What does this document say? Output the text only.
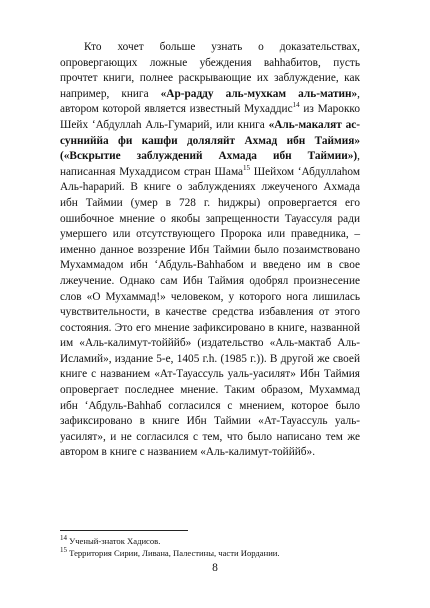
Кто хочет больше узнать о доказательствах, опровергающих ложные убеждения ваhhабитов, пусть прочтет книги, полнее раскрывающие их заблуждение, как например, книга «Ар-радду аль-мухкам аль-матин», автором которой является известный Мухаддис$^{14}$ из Марокко Шейх ‘Абдуллаh Аль-Гумарий, или книга «Аль-макалят ас-сунниййа фи кашфи доляляйт Ахмад ибн Таймия» («Вскрытие заблуждений Ахмада ибн Таймии»), написанная Мухаддисом стран Шама$^{15}$ Шейхом ‘Абдуллаhом Аль-hарарий. В книге о заблуждениях лжеученого Ахмада ибн Таймии (умер в 728 г. hиджры) опровергается его ошибочное мнение о якобы запрещенности Тауассуля ради умершего или отсутствующего Пророка или праведника, – именно данное воззрение Ибн Таймии было позаимствовано Мухаммадом ибн ‘Абдуль-Ваhhабом и введено им в свое лжеучение. Однако сам Ибн Таймия одобрял произнесение слов «О Мухаммад!» человеком, у которого нога лишилась чувствительности, в качестве средства избавления от этого состояния. Это его мнение зафиксировано в книге, названной им «Аль-калимут-тойййб» (издательство «Аль-мактаб Аль-Исламий», издание 5-е, 1405 г.h. (1985 г.)). В другой же своей книге с названием «Ат-Тауассуль уаль-уасилят» Ибн Таймия опровергает последнее мнение. Таким образом, Мухаммад ибн ‘Абдуль-Ваhhаб согласился с мнением, которое было зафиксировано в книге Ибн Таймии «Ат-Тауассуль уаль-уасилят», и не согласился с тем, что было написано тем же автором в книге с названием «Аль-калимут-тойййб».

$^{14}$ Ученый-знаток Хадисов.

$^{15}$ Территория Сирии, Ливана, Палестины, части Иордании.

8
